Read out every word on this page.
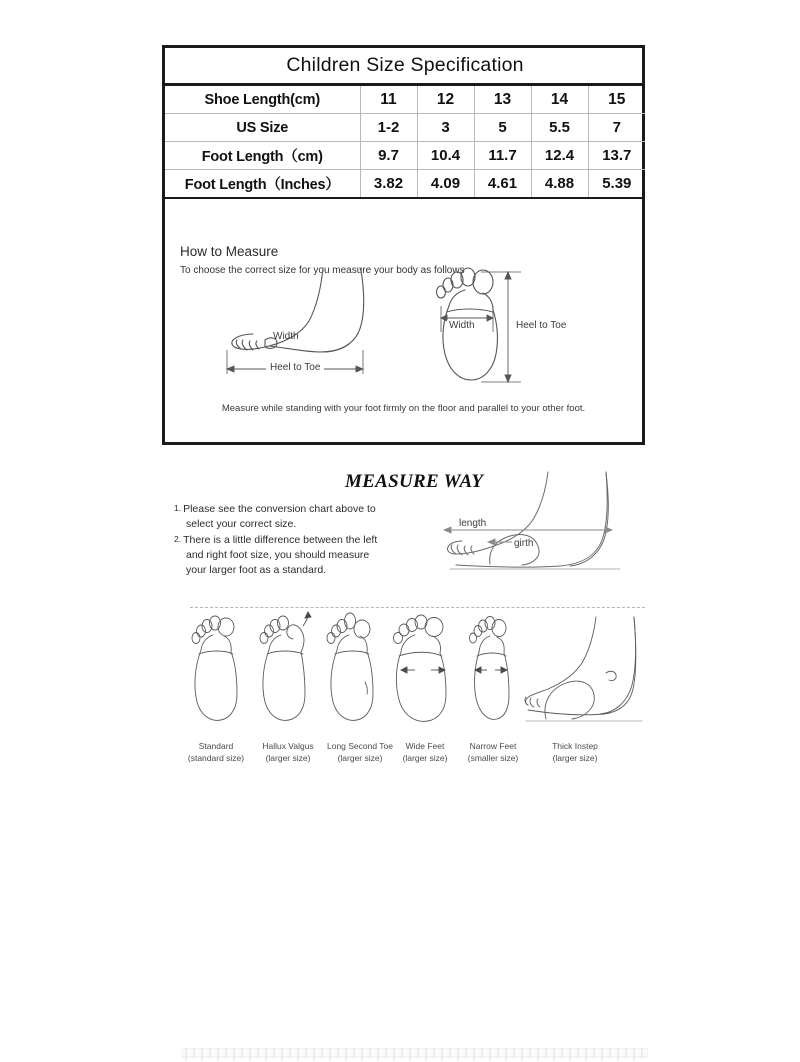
Children Size Specification					
Shoe Length(cm)	11	12	13	14	15
US Size	1-2	3	5	5.5	7
Foot Length（cm)	9.7	10.4	11.7	12.4	13.7
Foot Length（Inches）	3.82	4.09	4.61	4.88	5.39

How to Measure
To choose the correct size for you measure your body as follows
Width
Heel to Toe
Width	Heel to Toe
Measure while standing with your foot firmly on the floor and parallel to your other foot.
MEASURE WAY
1. Please see the conversion chart above to
select your correct size.
2. There is a little difference between the left
and right foot size, you should measure
your larger foot as a standard.
length
girth
Standard
(standard size)
Hallux Valgus
(larger size)
Long Second Toe
(larger size)
Wide Feet
(larger size)
Narrow Feet
(smaller size)
Thick Instep
(larger size)
